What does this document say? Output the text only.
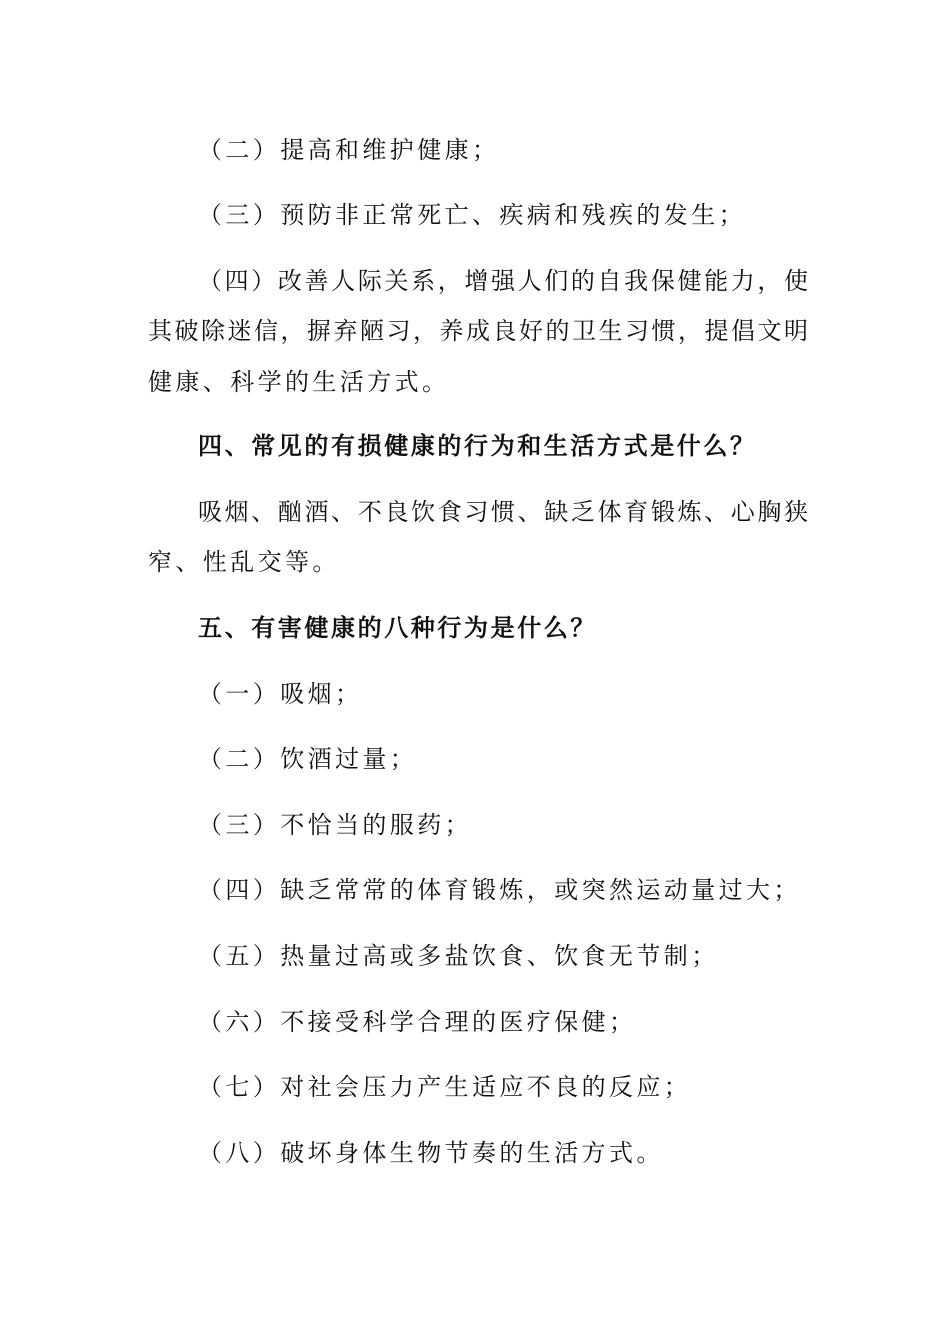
（二）提高和维护健康；
（三）预防非正常死亡、疾病和残疾的发生；
（四）改善人际关系，增强人们的自我保健能力，使
其破除迷信，摒弃陋习，养成良好的卫生习惯，提倡文明
健康、科学的生活方式。
四、常见的有损健康的行为和生活方式是什么？
吸烟、酗酒、不良饮食习惯、缺乏体育锻炼、心胸狭
窄、性乱交等。
五、有害健康的八种行为是什么？
（一）吸烟；
（二）饮酒过量；
（三）不恰当的服药；
（四）缺乏常常的体育锻炼，或突然运动量过大；
（五）热量过高或多盐饮食、饮食无节制；
（六）不接受科学合理的医疗保健；
（七）对社会压力产生适应不良的反应；
（八）破坏身体生物节奏的生活方式。
